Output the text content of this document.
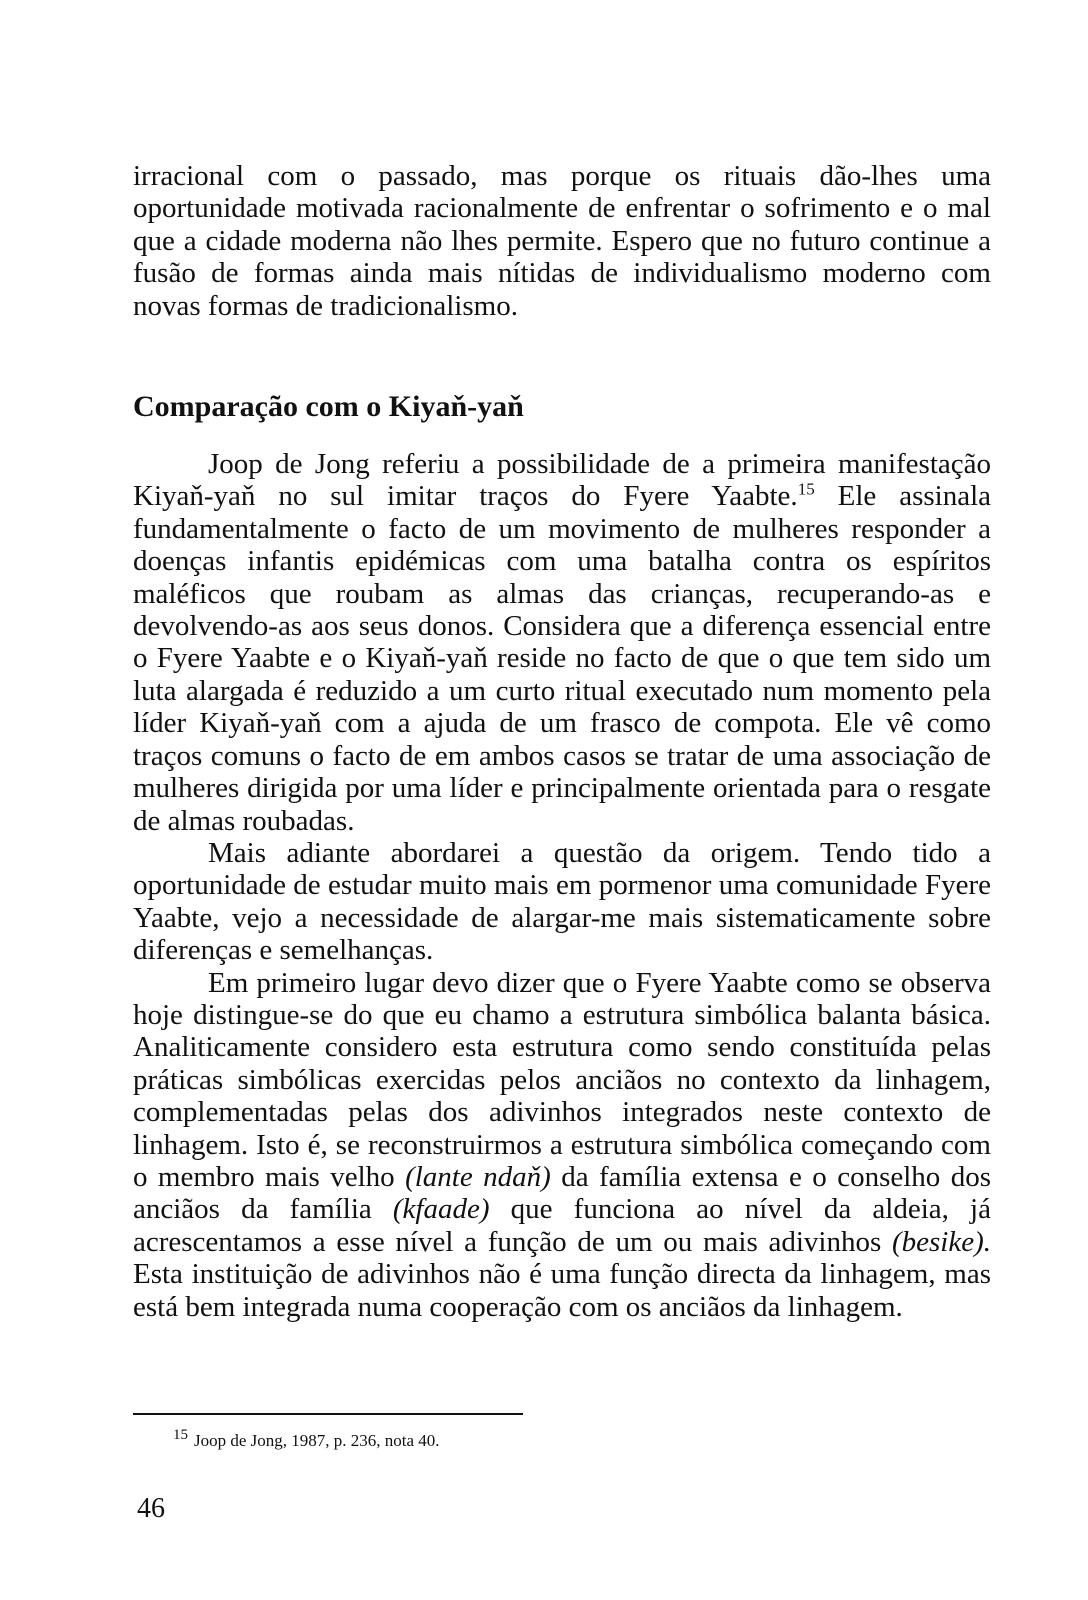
irracional com o passado, mas porque os rituais dão-lhes uma oportunidade motivada racionalmente de enfrentar o sofrimento e o mal que a cidade moderna não lhes permite. Espero que no futuro continue a fusão de formas ainda mais nítidas de individualismo moderno com novas formas de tradicionalismo.

Comparação com o Kiyaň-yaň

Joop de Jong referiu a possibilidade de a primeira manifestação Kiyaň-yaň no sul imitar traços do Fyere Yaabte.$^{15}$ Ele assinala fundamentalmente o facto de um movimento de mulheres responder a doenças infantis epidémicas com uma batalha contra os espíritos maléficos que roubam as almas das crianças, recuperando-as e devolvendo-as aos seus donos. Considera que a diferença essencial entre o Fyere Yaabte e o Kiyaň-yaň reside no facto de que o que tem sido um luta alargada é reduzido a um curto ritual executado num momento pela líder Kiyaň-yaň com a ajuda de um frasco de compota. Ele vê como traços comuns o facto de em ambos casos se tratar de uma associação de mulheres dirigida por uma líder e principalmente orientada para o resgate de almas roubadas.

Mais adiante abordarei a questão da origem. Tendo tido a oportunidade de estudar muito mais em pormenor uma comunidade Fyere Yaabte, vejo a necessidade de alargar-me mais sistematicamente sobre diferenças e semelhanças.

Em primeiro lugar devo dizer que o Fyere Yaabte como se observa hoje distingue-se do que eu chamo a estrutura simbólica balanta básica. Analiticamente considero esta estrutura como sendo constituída pelas práticas simbólicas exercidas pelos anciãos no contexto da linhagem, complementadas pelas dos adivinhos integrados neste contexto de linhagem. Isto é, se reconstruirmos a estrutura simbólica começando com o membro mais velho (lante ndaň) da família extensa e o conselho dos anciãos da família (kfaade) que funciona ao nível da aldeia, já acrescentamos a esse nível a função de um ou mais adivinhos (besike). Esta instituição de adivinhos não é uma função directa da linhagem, mas está bem integrada numa cooperação com os anciãos da linhagem.

15 Joop de Jong, 1987, p. 236, nota 40.
46
